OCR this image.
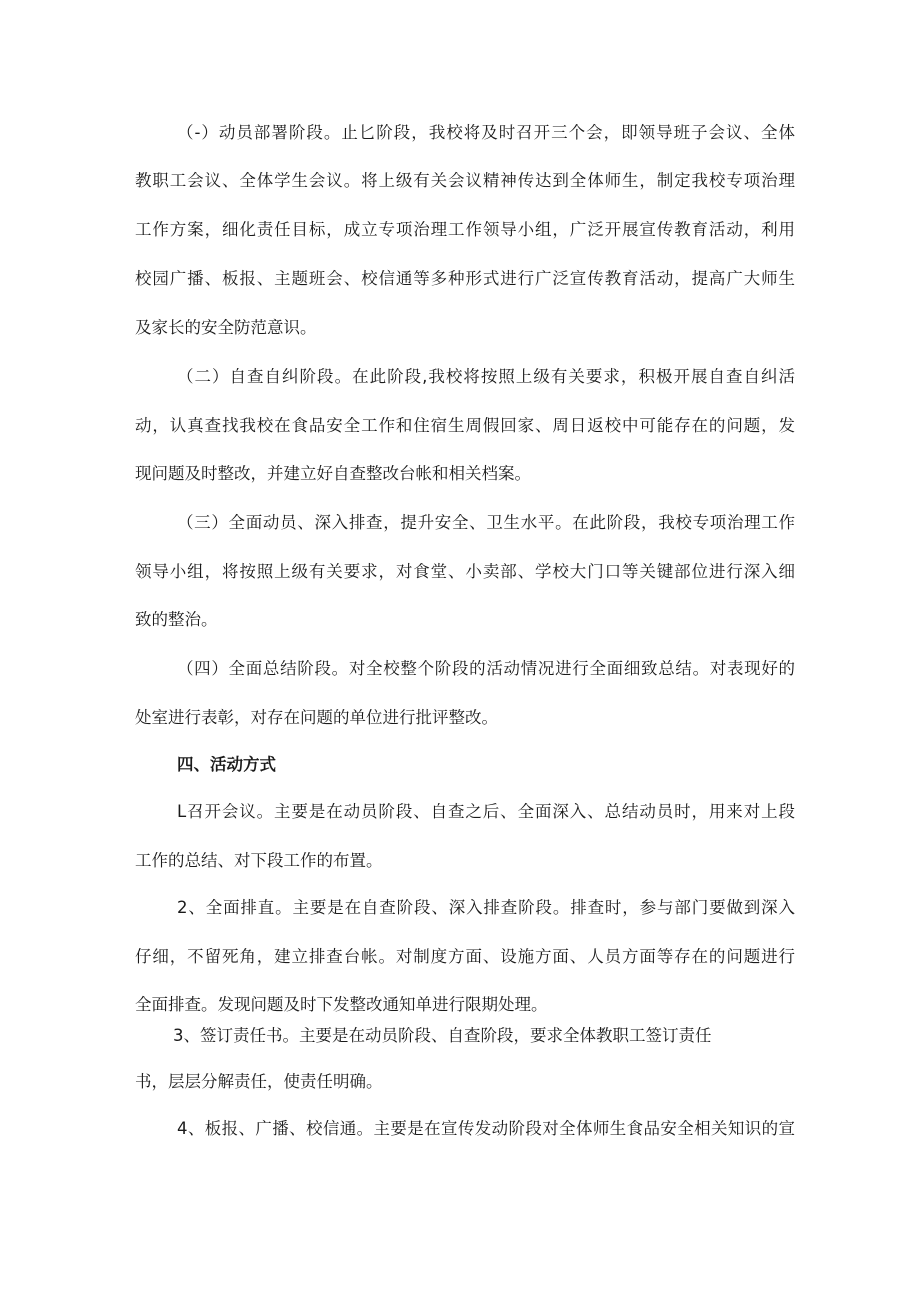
（-）动员部署阶段。止匕阶段，我校将及时召开三个会，即领导班子会议、全体
教职工会议、全体学生会议。将上级有关会议精神传达到全体师生，制定我校专项治理
工作方案，细化责任目标，成立专项治理工作领导小组，广泛开展宣传教育活动，利用
校园广播、板报、主题班会、校信通等多种形式进行广泛宣传教育活动，提高广大师生
及家长的安全防范意识。
（二）自查自纠阶段。在此阶段,我校将按照上级有关要求，积极开展自查自纠活
动，认真查找我校在食品安全工作和住宿生周假回家、周日返校中可能存在的问题，发
现问题及时整改，并建立好自查整改台帐和相关档案。
（三）全面动员、深入排查，提升安全、卫生水平。在此阶段，我校专项治理工作
领导小组，将按照上级有关要求，对食堂、小卖部、学校大门口等关键部位进行深入细
致的整治。
（四）全面总结阶段。对全校整个阶段的活动情况进行全面细致总结。对表现好的
处室进行表彰，对存在问题的单位进行批评整改。
四、活动方式
L召开会议。主要是在动员阶段、自查之后、全面深入、总结动员时，用来对上段
工作的总结、对下段工作的布置。
2、全面排直。主要是在自查阶段、深入排查阶段。排查时，参与部门要做到深入
仔细，不留死角，建立排查台帐。对制度方面、设施方面、人员方面等存在的问题进行
全面排查。发现问题及时下发整改通知单进行限期处理。
3、签订责任书。主要是在动员阶段、自查阶段，要求全体教职工签订责任
书，层层分解责任，使责任明确。
4、板报、广播、校信通。主要是在宣传发动阶段对全体师生食品安全相关知识的宣
